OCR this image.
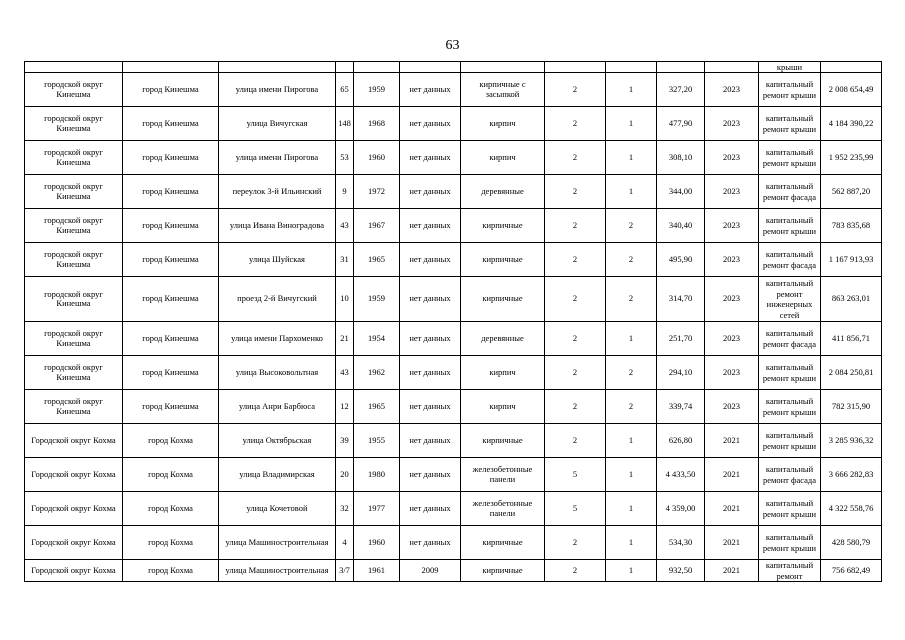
63
											крыши	
городской округ Кинешма	город Кинешма	улица имени Пирогова	65	1959	нет данных	кирпичные с засыпкой	2	1	327,20	2023	капитальный ремонт крыши	2 008 654,49
городской округ Кинешма	город Кинешма	улица Вичугская	148	1968	нет данных	кирпич	2	1	477,90	2023	капитальный ремонт крыши	4 184 390,22
городской округ Кинешма	город Кинешма	улица имени Пирогова	53	1960	нет данных	кирпич	2	1	308,10	2023	капитальный ремонт крыши	1 952 235,99
городской округ Кинешма	город Кинешма	переулок 3-й Ильинский	9	1972	нет данных	деревянные	2	1	344,00	2023	капитальный ремонт фасада	562 887,20
городской округ Кинешма	город Кинешма	улица Ивана Виноградова	43	1967	нет данных	кирпичные	2	2	340,40	2023	капитальный ремонт крыши	783 835,68
городской округ Кинешма	город Кинешма	улица Шуйская	31	1965	нет данных	кирпичные	2	2	495,90	2023	капитальный ремонт фасада	1 167 913,93
городской округ Кинешма	город Кинешма	проезд 2-й Вичугский	10	1959	нет данных	кирпичные	2	2	314,70	2023	капитальный ремонт инженерных сетей	863 263,01
городской округ Кинешма	город Кинешма	улица имени Пархоменко	21	1954	нет данных	деревянные	2	1	251,70	2023	капитальный ремонт фасада	411 856,71
городской округ Кинешма	город Кинешма	улица Высоковольтная	43	1962	нет данных	кирпич	2	2	294,10	2023	капитальный ремонт крыши	2 084 250,81
городской округ Кинешма	город Кинешма	улица Анри Барбюса	12	1965	нет данных	кирпич	2	2	339,74	2023	капитальный ремонт крыши	782 315,90
Городской округ Кохма	город Кохма	улица Октябрьская	39	1955	нет данных	кирпичные	2	1	626,80	2021	капитальный ремонт крыши	3 285 936,32
Городской округ Кохма	город Кохма	улица Владимирская	20	1980	нет данных	железобетонные панели	5	1	4 433,50	2021	капитальный ремонт фасада	3 666 282,83
Городской округ Кохма	город Кохма	улица Кочетовой	32	1977	нет данных	железобетонные панели	5	1	4 359,00	2021	капитальный ремонт крыши	4 322 558,76
Городской округ Кохма	город Кохма	улица Машиностроительная	4	1960	нет данных	кирпичные	2	1	534,30	2021	капитальный ремонт крыши	428 580,79
Городской округ Кохма	город Кохма	улица Машиностроительная	3/7	1961	2009	кирпичные	2	1	932,50	2021	капитальный ремонт	756 682,49
